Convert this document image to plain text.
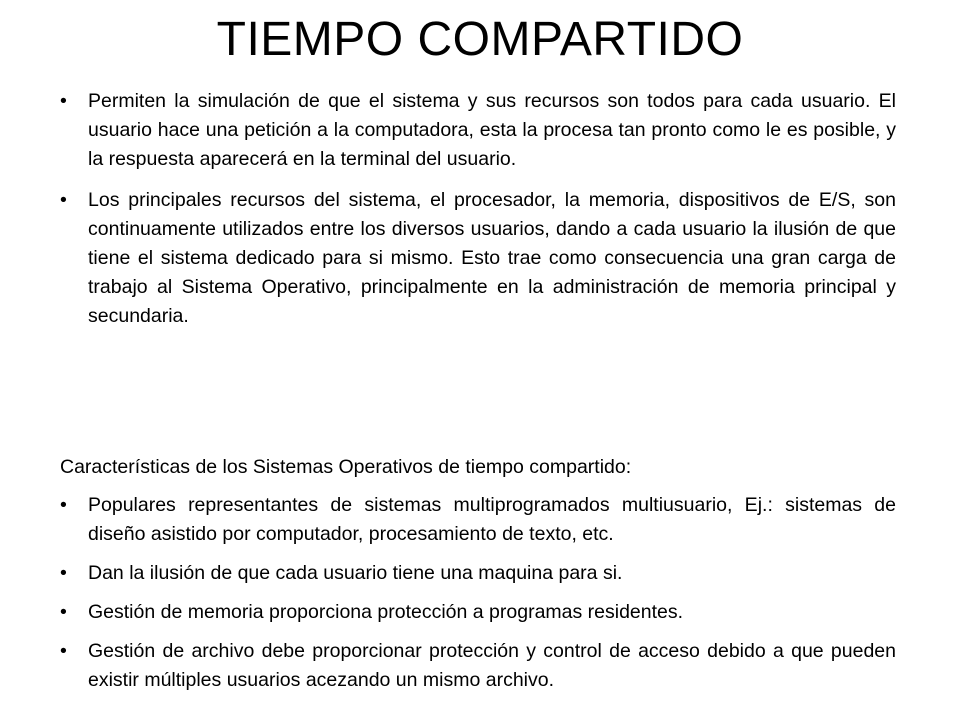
TIEMPO COMPARTIDO
•	Permiten la simulación de que el sistema y sus recursos son todos para cada usuario. El usuario hace una petición a la computadora, esta la procesa tan pronto como le es posible, y la respuesta aparecerá en la terminal del usuario.
•	Los principales recursos del sistema, el procesador, la memoria, dispositivos de E/S, son continuamente utilizados entre los diversos usuarios, dando a cada usuario la ilusión de que tiene el sistema dedicado para si mismo. Esto trae como consecuencia una gran carga de trabajo al Sistema Operativo, principalmente en la administración de memoria principal y secundaria.
Características de los Sistemas Operativos de tiempo compartido:
•	Populares representantes de sistemas multiprogramados multiusuario, Ej.: sistemas de diseño asistido por computador, procesamiento de texto, etc.
•	Dan la ilusión de que cada usuario tiene una maquina para si.
•	Gestión de memoria proporciona protección a programas residentes.
•	Gestión de archivo debe proporcionar protección y control de acceso debido a que pueden existir múltiples usuarios acezando un mismo archivo.
